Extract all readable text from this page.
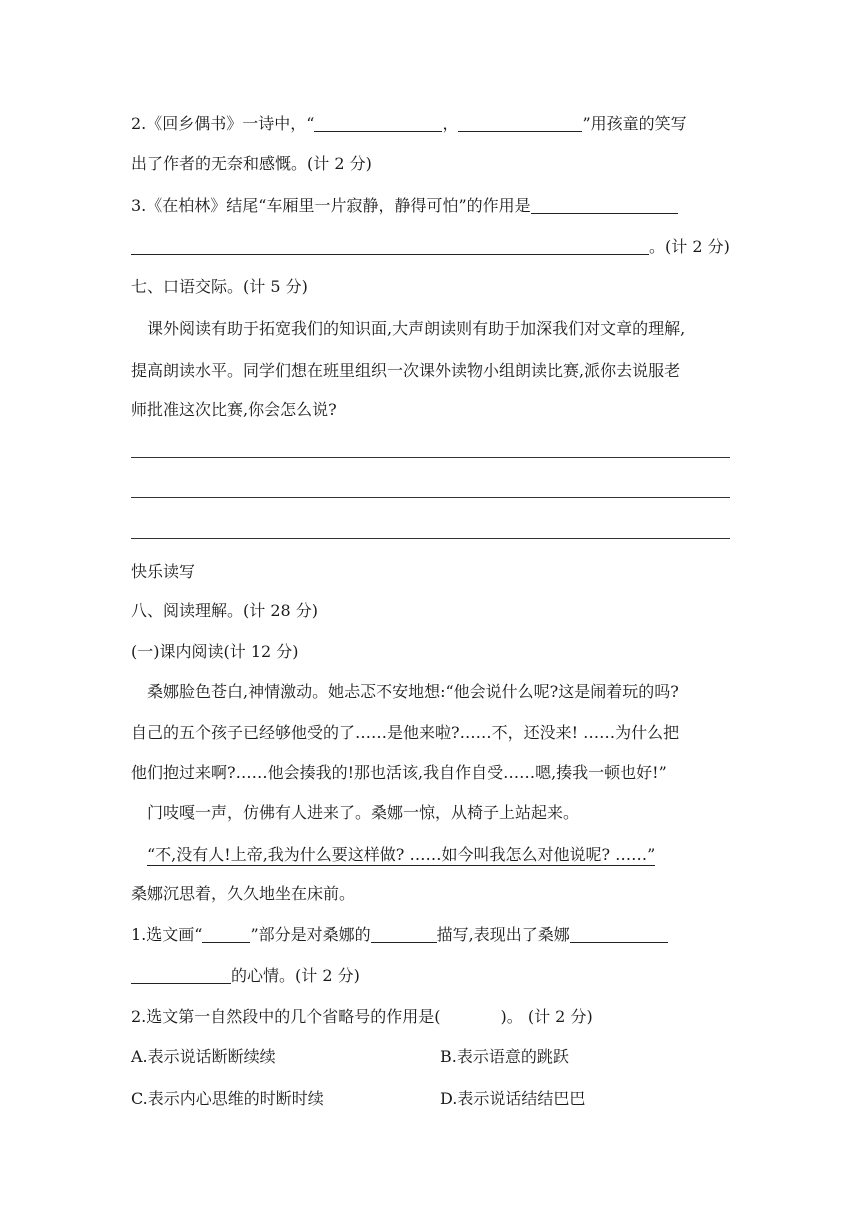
2.《回乡偶书》一诗中，“	，	”用孩童的笑写
出了作者的无奈和感慨。(计 2 分)
3.《在柏林》结尾“车厢里一片寂静，静得可怕”的作用是
。(计 2 分)
七、口语交际。(计 5 分)
课外阅读有助于拓宽我们的知识面,大声朗读则有助于加深我们对文章的理解,
提高朗读水平。同学们想在班里组织一次课外读物小组朗读比赛,派你去说服老
师批准这次比赛,你会怎么说?
快乐读写
八、阅读理解。(计 28 分)
(一)课内阅读(计 12 分)
桑娜脸色苍白,神情激动。她忐忑不安地想:“他会说什么呢?这是闹着玩的吗?
自己的五个孩子已经够他受的了……是他来啦?……不，还没来! ……为什么把
他们抱过来啊?……他会揍我的!那也活该,我自作自受……嗯,揍我一顿也好!”
门吱嘎一声，仿佛有人进来了。桑娜一惊，从椅子上站起来。
“不,没有人!上帝,我为什么要这样做? ……如今叫我怎么对他说呢? ……”
桑娜沉思着，久久地坐在床前。
1.选文画“	”部分是对桑娜的	描写,表现出了桑娜
的心情。(计 2 分)
2.选文第一自然段中的几个省略号的作用是(	)。 (计 2 分)
A.表示说话断断续续	B.表示语意的跳跃
C.表示内心思维的时断时续	D.表示说话结结巴巴
